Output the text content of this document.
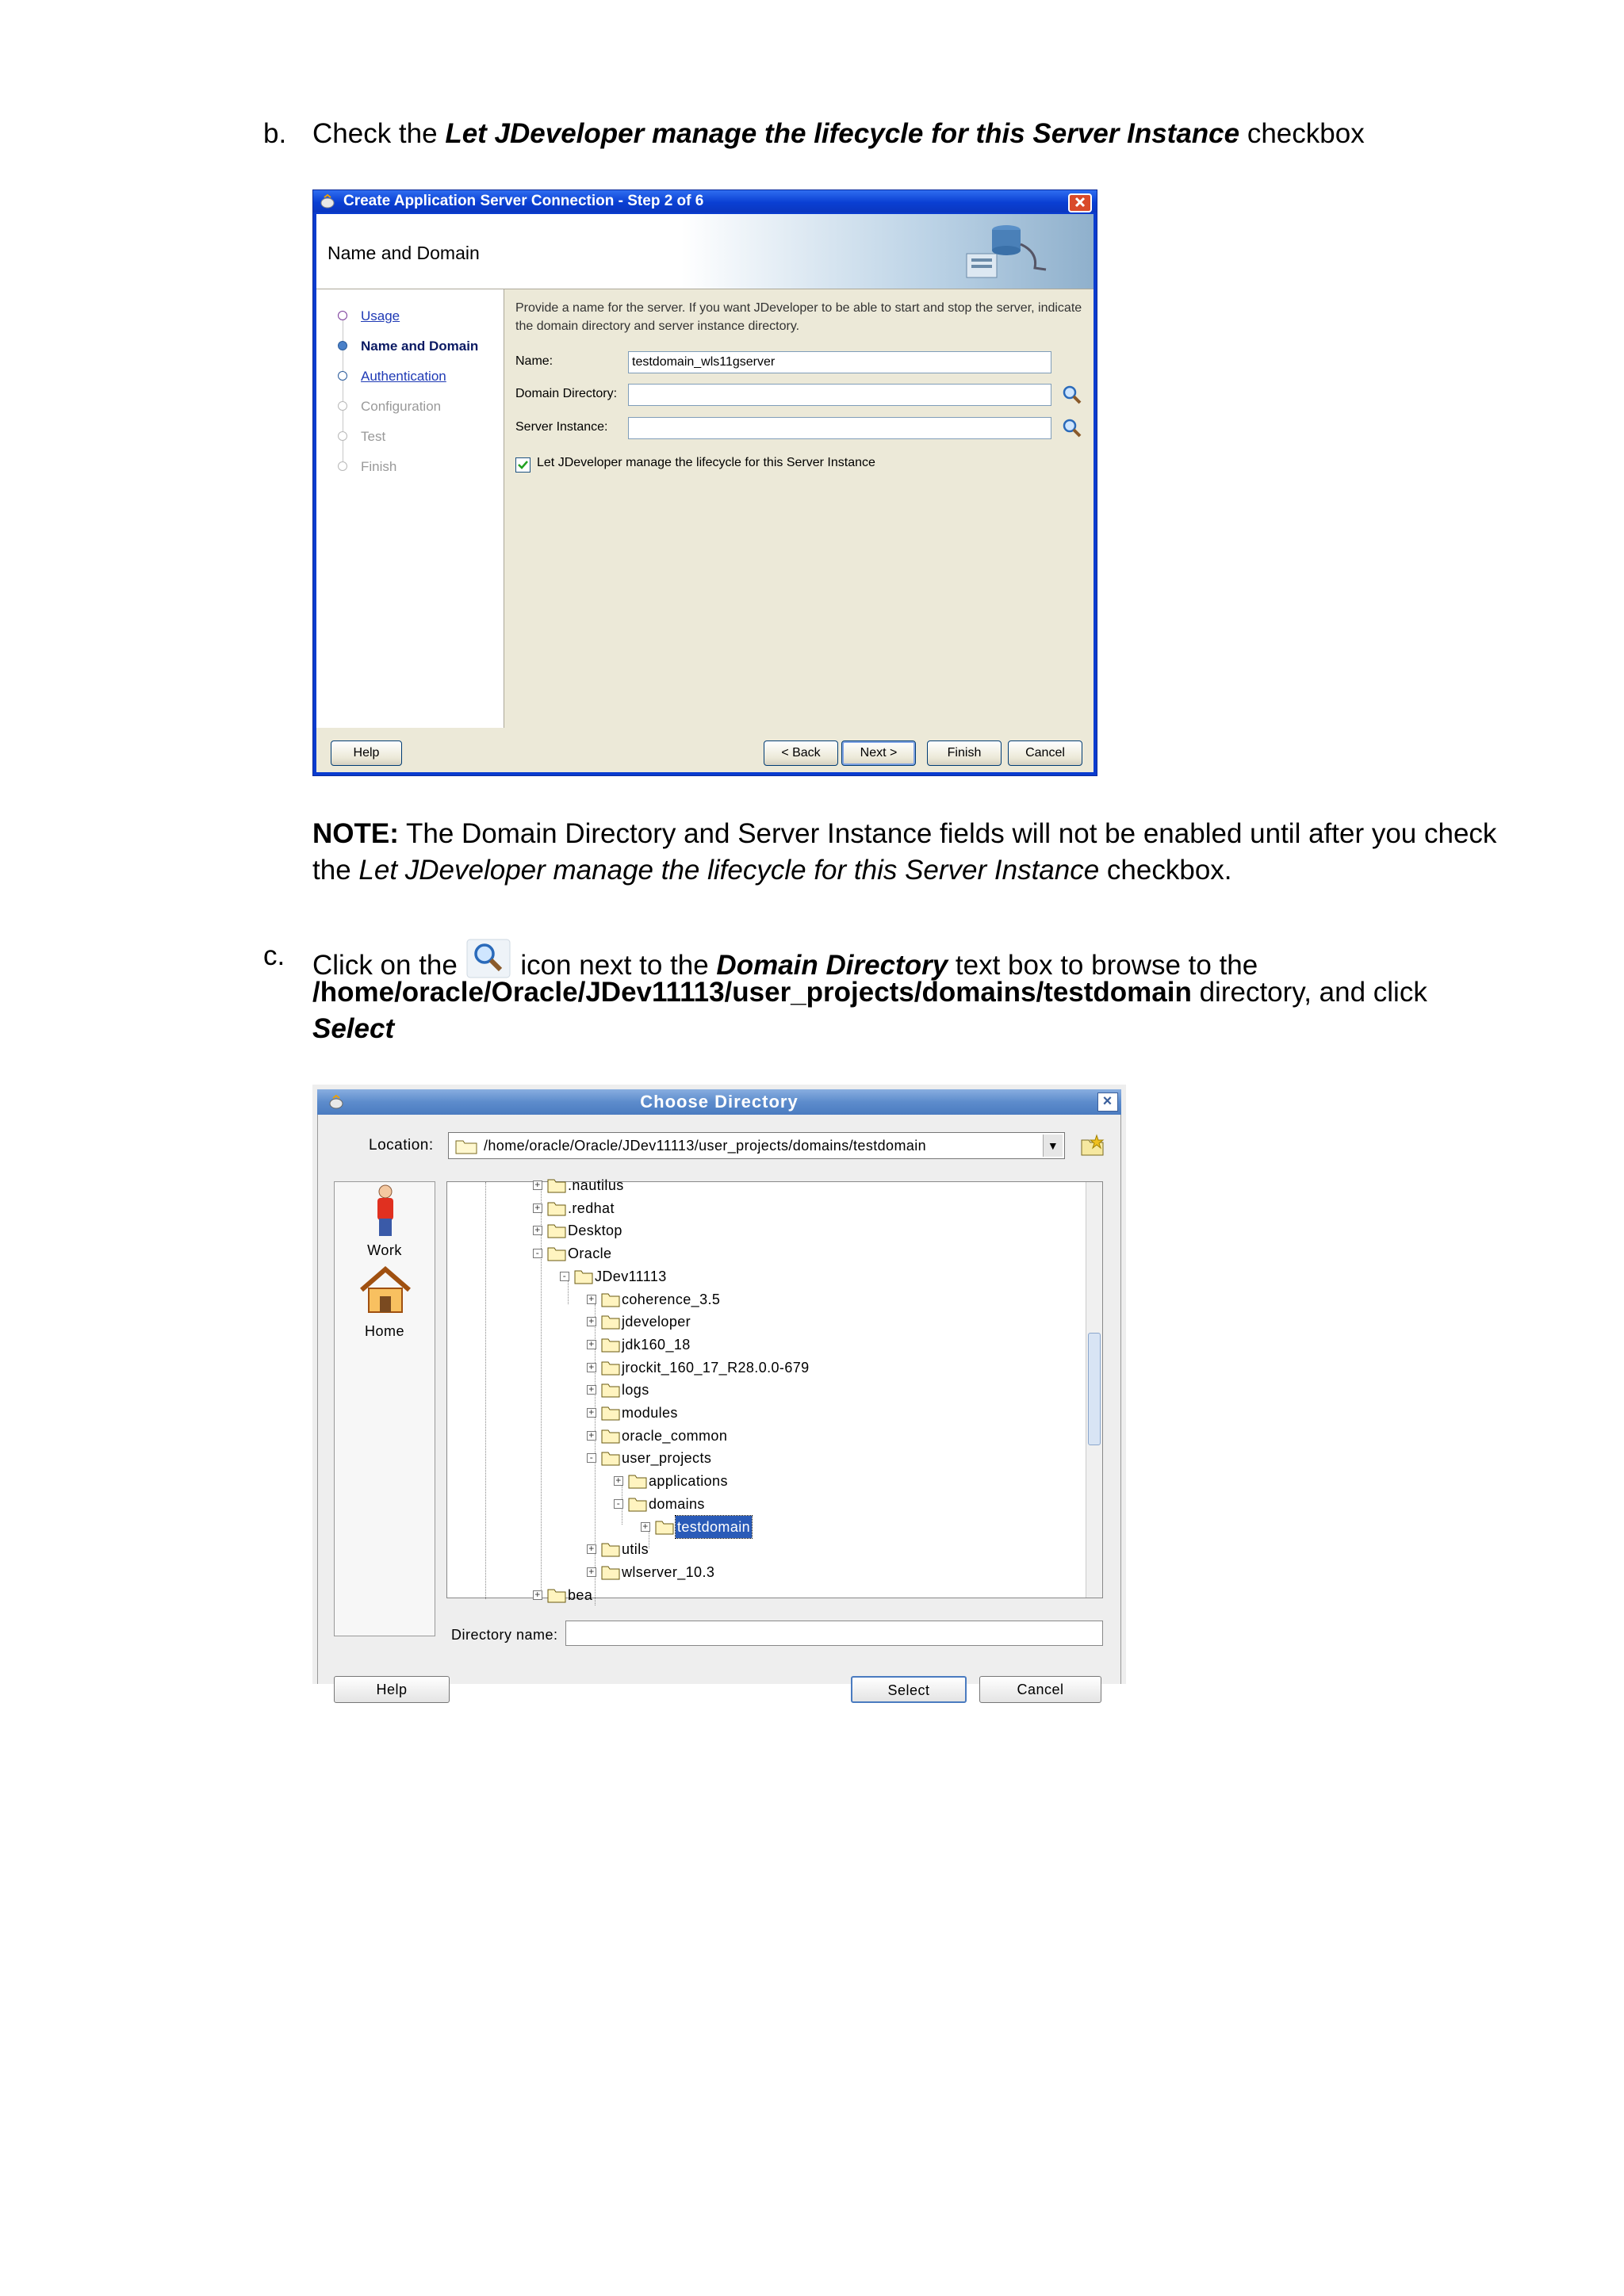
b. Check the Let JDeveloper manage the lifecycle for this Server Instance checkbox
Create Application Server Connection - Step 2 of 6
Name and Domain
Usage
Name and Domain
Authentication
Configuration
Test
Finish
Provide a name for the server. If you want JDeveloper to be able to start and stop the server, indicate the domain directory and server instance directory.
Name:	testdomain_wls11gserver
Domain Directory:
Server Instance:
Let JDeveloper manage the lifecycle for this Server Instance
Help	< Back	Next >	Finish	Cancel
NOTE: The Domain Directory and Server Instance fields will not be enabled until after you check
the Let JDeveloper manage the lifecycle for this Server Instance checkbox.
c. Click on the  icon next to the Domain Directory text box to browse to the
/home/oracle/Oracle/JDev11113/user_projects/domains/testdomain directory, and click
Select
Choose Directory	×
Location:	/home/oracle/Oracle/JDev11113/user_projects/domains/testdomain	▼
Work
Home
+ .nautilus
+ .redhat
+ Desktop
- Oracle
- JDev11113
+ coherence_3.5
+ jdeveloper
+ jdk160_18
+ jrockit_160_17_R28.0.0-679
+ logs
+ modules
+ oracle_common
- user_projects
+ applications
- domains
+ testdomain
+ utils
+ wlserver_10.3
+ bea
Directory name:
Help	Select	Cancel
